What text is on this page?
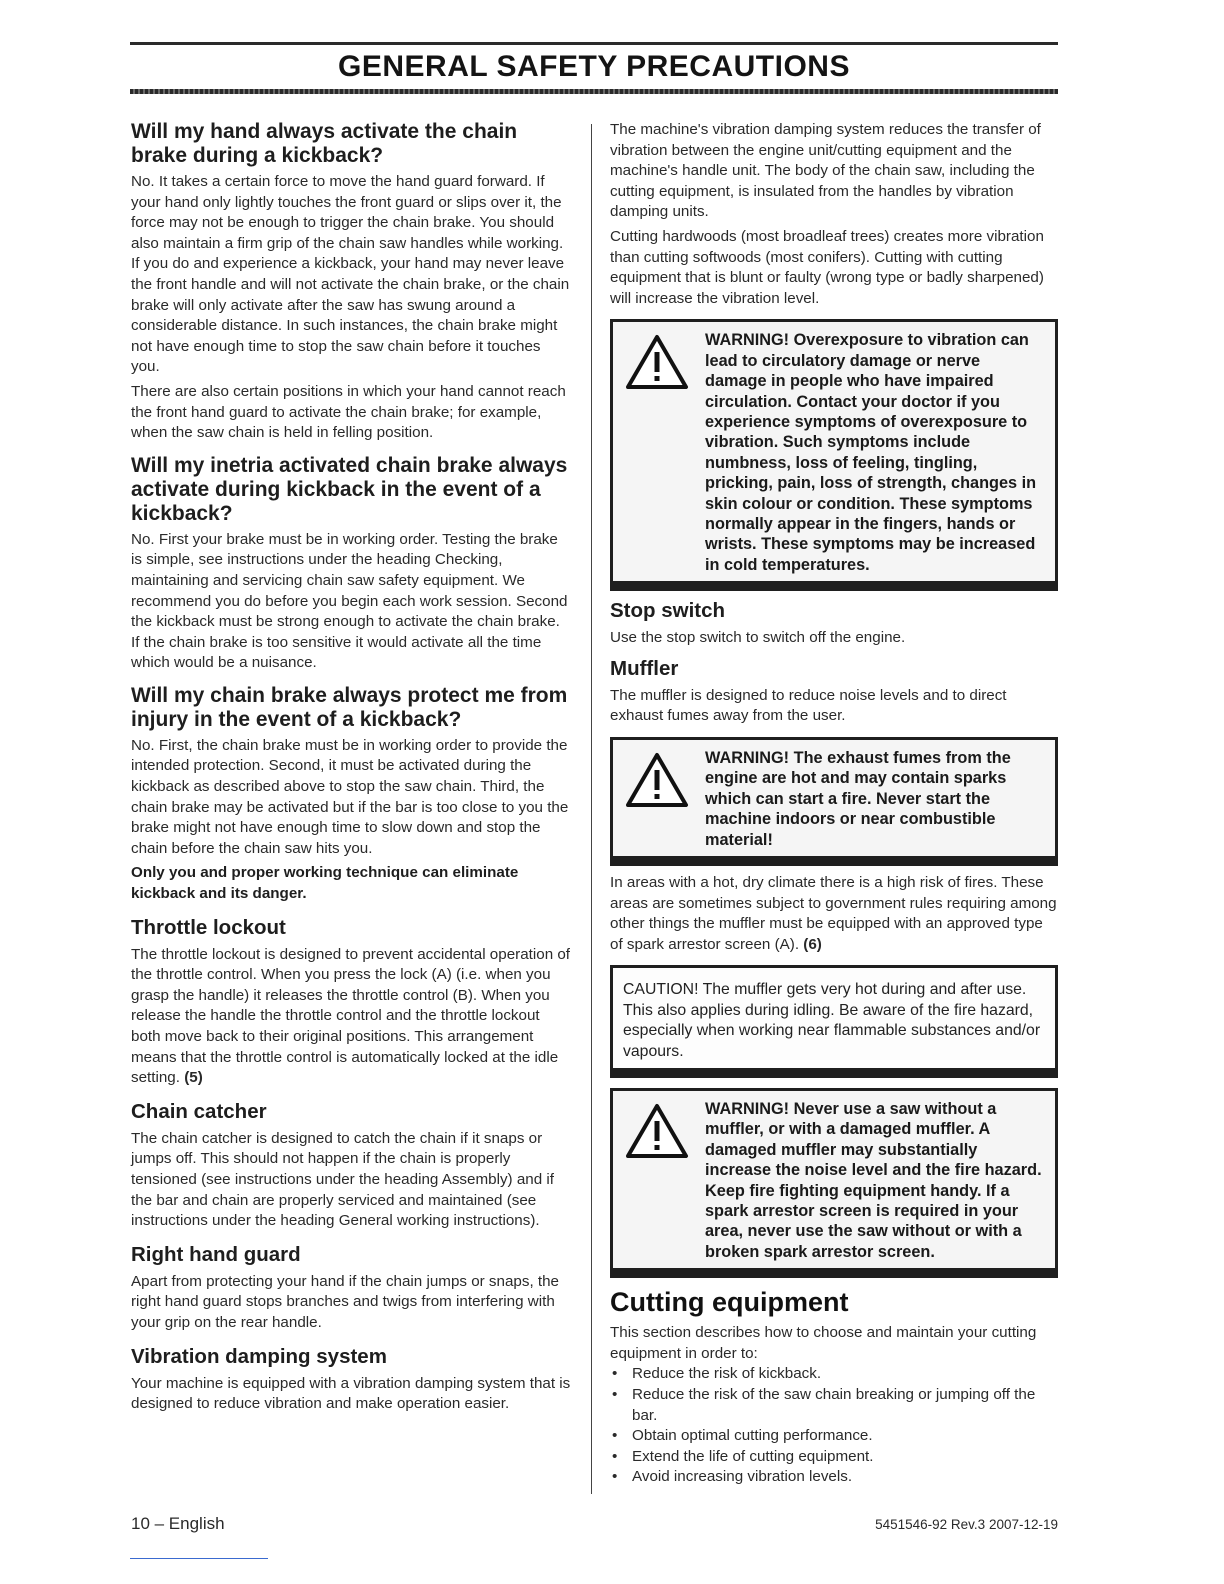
GENERAL SAFETY PRECAUTIONS
Will my hand always activate the chain brake during a kickback?

No. It takes a certain force to move the hand guard forward. If your hand only lightly touches the front guard or slips over it, the force may not be enough to trigger the chain brake. You should also maintain a firm grip of the chain saw handles while working. If you do and experience a kickback, your hand may never leave the front handle and will not activate the chain brake, or the chain brake will only activate after the saw has swung around a considerable distance. In such instances, the chain brake might not have enough time to stop the saw chain before it touches you.

There are also certain positions in which your hand cannot reach the front hand guard to activate the chain brake; for example, when the saw chain is held in felling position.

Will my inetria activated chain brake always activate during kickback in the event of a kickback?

No. First your brake must be in working order. Testing the brake is simple, see instructions under the heading Checking, maintaining and servicing chain saw safety equipment. We recommend you do before you begin each work session. Second the kickback must be strong enough to activate the chain brake. If the chain brake is too sensitive it would activate all the time which would be a nuisance.

Will my chain brake always protect me from injury in the event of a kickback?

No. First, the chain brake must be in working order to provide the intended protection. Second, it must be activated during the kickback as described above to stop the saw chain. Third, the chain brake may be activated but if the bar is too close to you the brake might not have enough time to slow down and stop the chain before the chain saw hits you.

Only you and proper working technique can eliminate kickback and its danger.

Throttle lockout

The throttle lockout is designed to prevent accidental operation of the throttle control. When you press the lock (A) (i.e. when you grasp the handle) it releases the throttle control (B). When you release the handle the throttle control and the throttle lockout both move back to their original positions. This arrangement means that the throttle control is automatically locked at the idle setting. (5)

Chain catcher

The chain catcher is designed to catch the chain if it snaps or jumps off. This should not happen if the chain is properly tensioned (see instructions under the heading Assembly) and if the bar and chain are properly serviced and maintained (see instructions under the heading General working instructions).

Right hand guard

Apart from protecting your hand if the chain jumps or snaps, the right hand guard stops branches and twigs from interfering with your grip on the rear handle.

Vibration damping system

Your machine is equipped with a vibration damping system that is designed to reduce vibration and make operation easier.

The machine's vibration damping system reduces the transfer of vibration between the engine unit/cutting equipment and the machine's handle unit. The body of the chain saw, including the cutting equipment, is insulated from the handles by vibration damping units.

Cutting hardwoods (most broadleaf trees) creates more vibration than cutting softwoods (most conifers). Cutting with cutting equipment that is blunt or faulty (wrong type or badly sharpened) will increase the vibration level.

WARNING! Overexposure to vibration can lead to circulatory damage or nerve damage in people who have impaired circulation. Contact your doctor if you experience symptoms of overexposure to vibration. Such symptoms include numbness, loss of feeling, tingling, pricking, pain, loss of strength, changes in skin colour or condition. These symptoms normally appear in the fingers, hands or wrists. These symptoms may be increased in cold temperatures.
Stop switch

Use the stop switch to switch off the engine.

Muffler

The muffler is designed to reduce noise levels and to direct exhaust fumes away from the user.

WARNING! The exhaust fumes from the engine are hot and may contain sparks which can start a fire. Never start the machine indoors or near combustible material!

In areas with a hot, dry climate there is a high risk of fires. These areas are sometimes subject to government rules requiring among other things the muffler must be equipped with an approved type of spark arrestor screen (A). (6)

CAUTION! The muffler gets very hot during and after use. This also applies during idling. Be aware of the fire hazard, especially when working near flammable substances and/or vapours.

WARNING! Never use a saw without a muffler, or with a damaged muffler. A damaged muffler may substantially increase the noise level and the fire hazard. Keep fire fighting equipment handy. If a spark arrestor screen is required in your area, never use the saw without or with a broken spark arrestor screen.
Cutting equipment

This section describes how to choose and maintain your cutting equipment in order to:

• Reduce the risk of kickback.
• Reduce the risk of the saw chain breaking or jumping off the bar.
• Obtain optimal cutting performance.
• Extend the life of cutting equipment.
• Avoid increasing vibration levels.
10 – English	5451546-92 Rev.3 2007-12-19
